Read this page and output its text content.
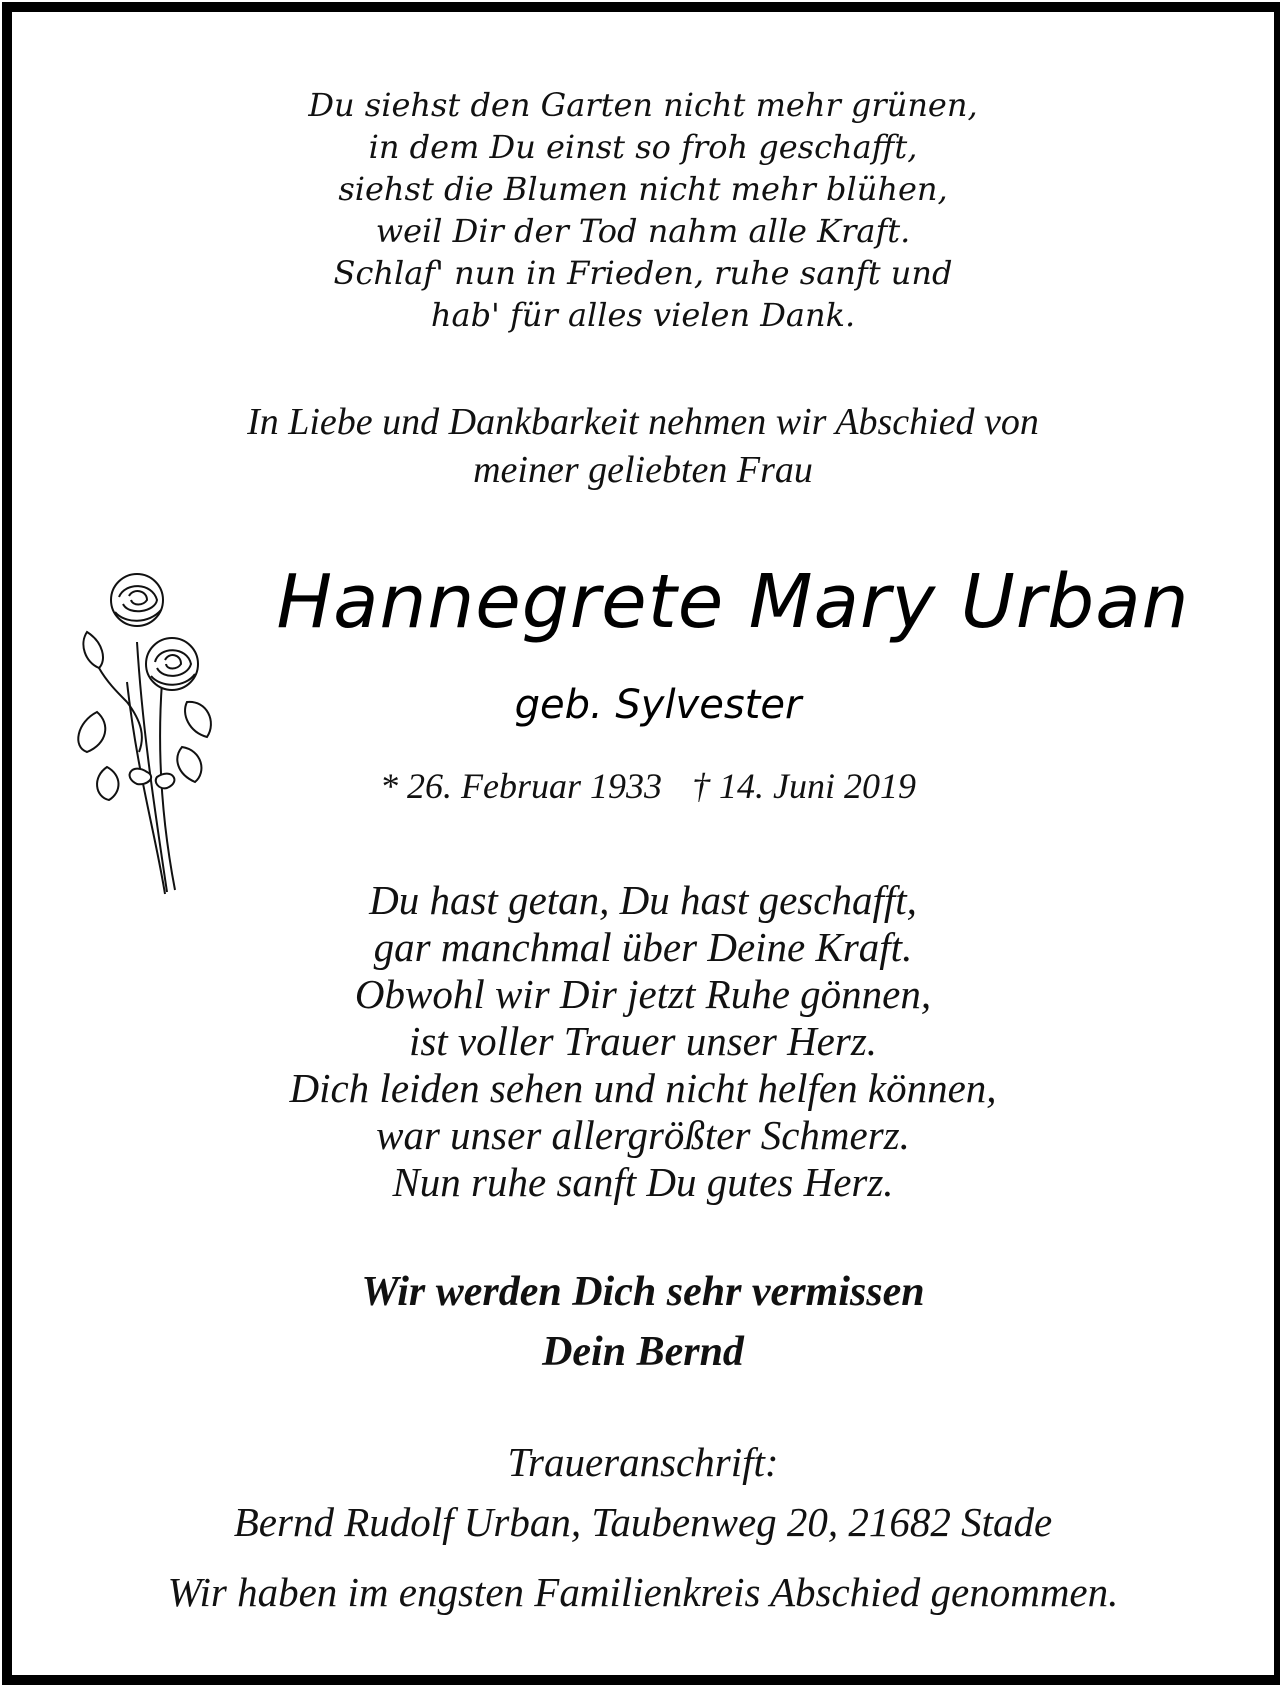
Du siehst den Garten nicht mehr grünen,
in dem Du einst so froh geschafft,
siehst die Blumen nicht mehr blühen,
weil Dir der Tod nahm alle Kraft.
Schlaf' nun in Frieden, ruhe sanft und
hab' für alles vielen Dank.
In Liebe und Dankbarkeit nehmen wir Abschied von
meiner geliebten Frau
Hannegrete Mary Urban
geb. Sylvester
* 26. Februar 1933 † 14. Juni 2019
Du hast getan, Du hast geschafft,
gar manchmal über Deine Kraft.
Obwohl wir Dir jetzt Ruhe gönnen,
ist voller Trauer unser Herz.
Dich leiden sehen und nicht helfen können,
war unser allergrößter Schmerz.
Nun ruhe sanft Du gutes Herz.
Wir werden Dich sehr vermissen
Dein Bernd
Traueranschrift:
Bernd Rudolf Urban, Taubenweg 20, 21682 Stade
Wir haben im engsten Familienkreis Abschied genommen.
